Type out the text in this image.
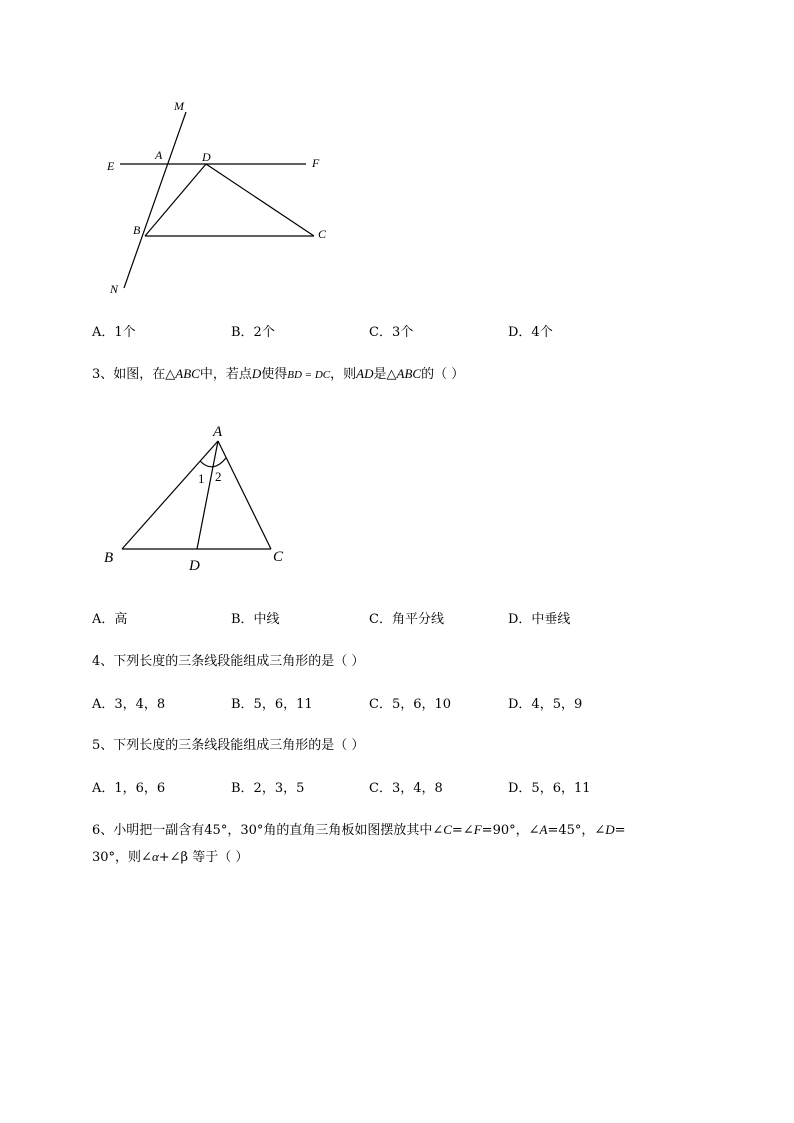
M
A	D	F
E
B	C
N
A．1个	B．2个	C．3个	D．4个
3、如图，在△ABC中，若点D使得BD = DC，则AD是△ABC的（ ）
A
B	C
D
1 2
A．高	B．中线	C．角平分线	D．中垂线
4、下列长度的三条线段能组成三角形的是（ ）
A．3，4，8	B．5，6，11	C．5，6，10	D．4，5，9
5、下列长度的三条线段能组成三角形的是（ ）
A．1，6，6	B．2，3，5	C．3，4，8	D．5，6，11
6、小明把一副含有45°，30°角的直角三角板如图摆放其中∠C=∠F=90°，∠A=45°，∠D=
30°，则∠α+∠β 等于（ ）
